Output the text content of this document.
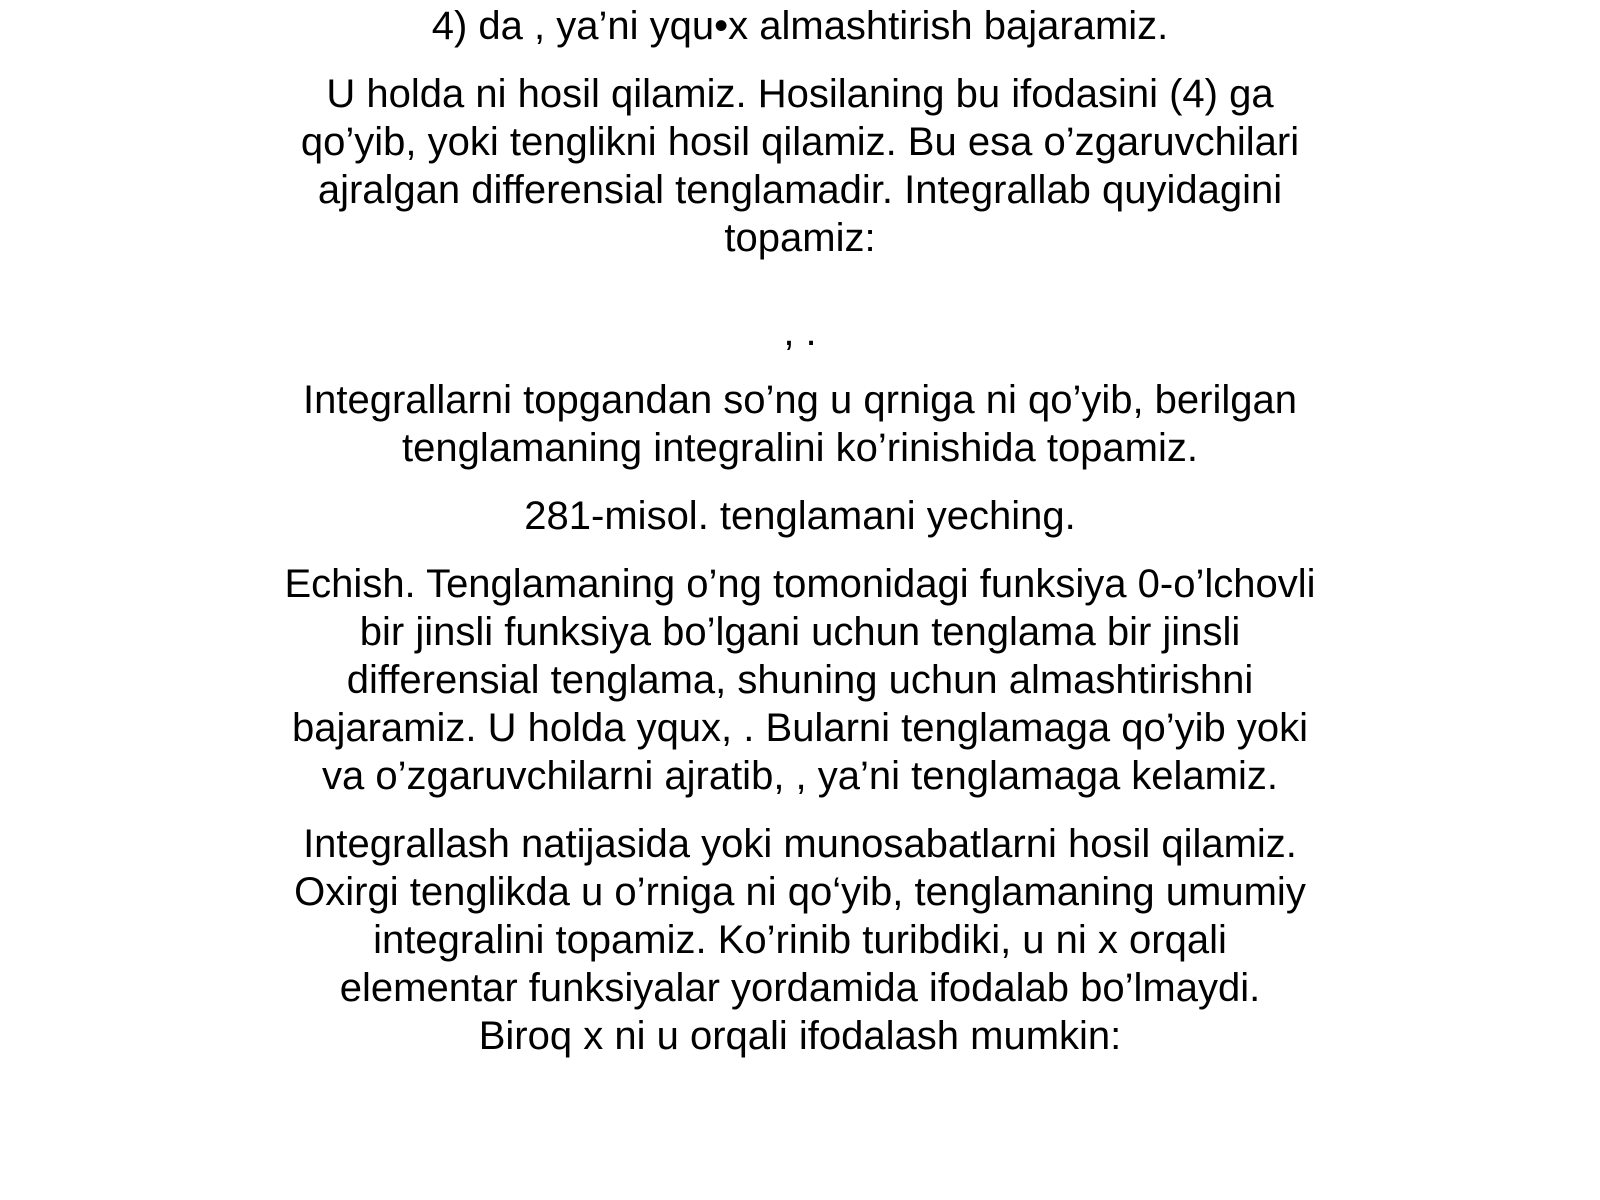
4) da , ya’ni yqu•x almashtirish bajaramiz.

U holda ni hosil qilamiz. Hosilaning bu ifodasini (4) ga
qo’yib, yoki tenglikni hosil qilamiz. Bu esa o’zgaruvchilari
ajralgan differensial tenglamadir. Integrallab quyidagini
topamiz:

, .

Integrallarni topgandan so’ng u qrniga ni qo’yib, berilgan
tenglamaning integralini ko’rinishida topamiz.

281-misol. tenglamani yeching.

Echish. Tenglamaning o’ng tomonidagi funksiya 0-o’lchovli
bir jinsli funksiya bo’lgani uchun tenglama bir jinsli
differensial tenglama, shuning uchun almashtirishni
bajaramiz. U holda yqux, . Bularni tenglamaga qo’yib yoki
va o’zgaruvchilarni ajratib, , ya’ni tenglamaga kelamiz.

Integrallash natijasida yoki munosabatlarni hosil qilamiz.
Oxirgi tenglikda u o’rniga ni qo‘yib, tenglamaning umumiy
integralini topamiz. Ko’rinib turibdiki, u ni x orqali
elementar funksiyalar yordamida ifodalab bo’lmaydi.
Biroq x ni u orqali ifodalash mumkin:
